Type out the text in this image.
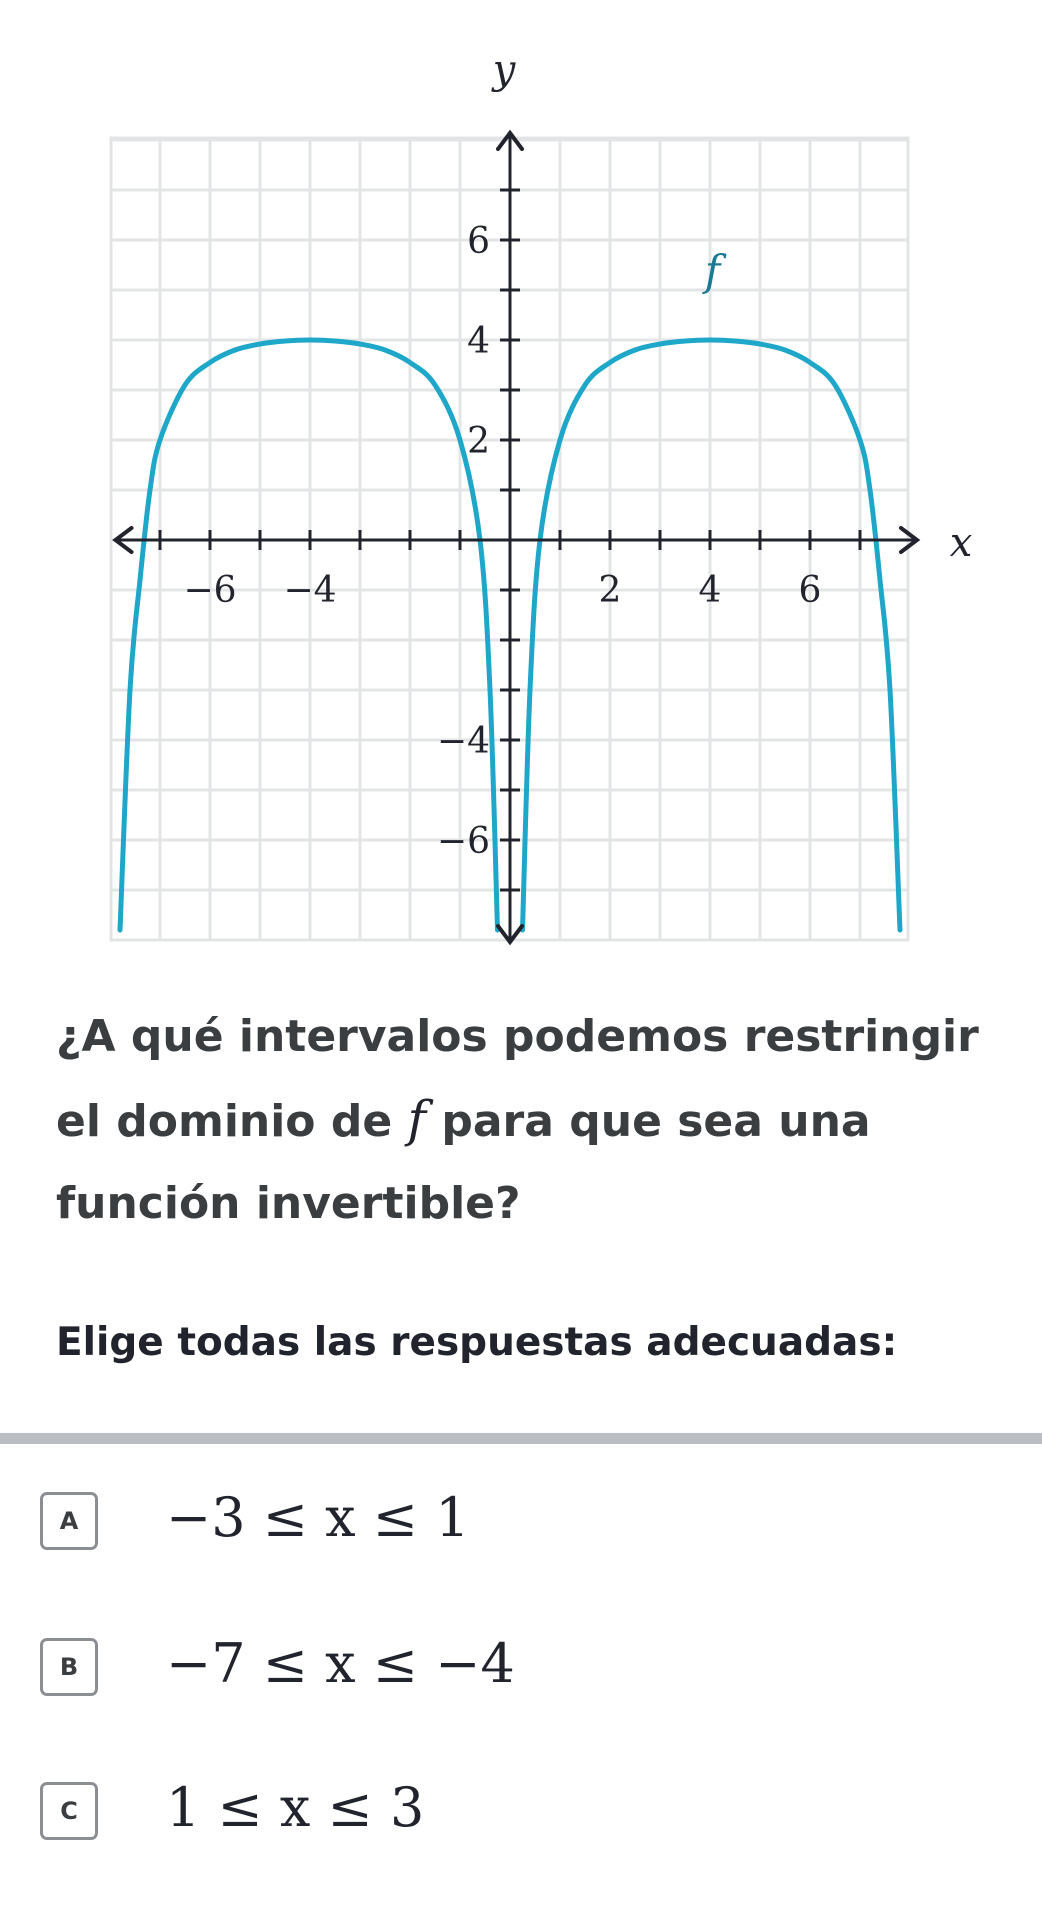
−6 −4	2 4 6
6
4
2
−4
−6
x
y
f

¿A qué intervalos podemos restringir el dominio de f para que sea una función invertible?

Elige todas las respuestas adecuadas:

A	−3 ≤ x ≤ 1
B	−7 ≤ x ≤ −4
C	1 ≤ x ≤ 3
